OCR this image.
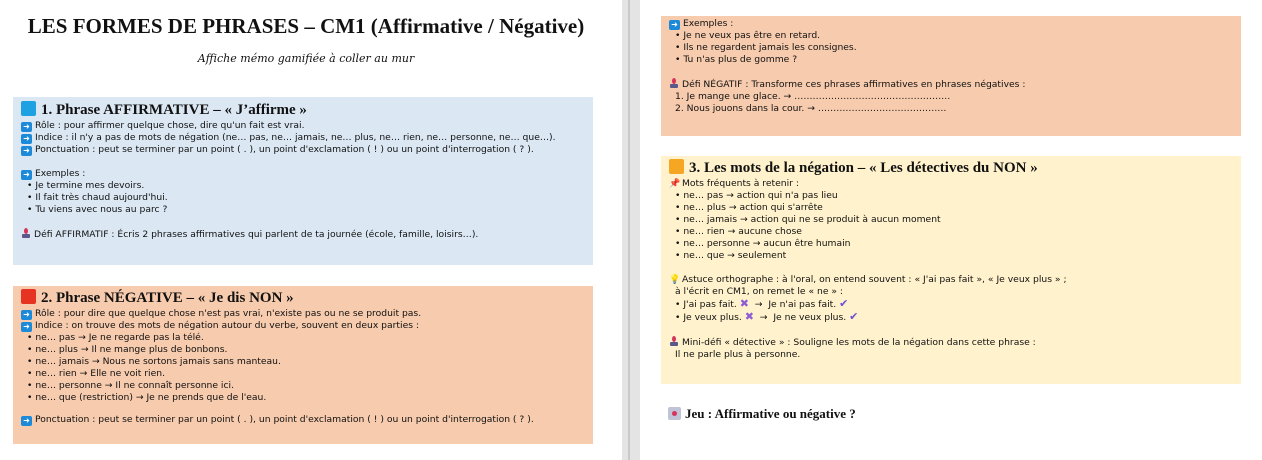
LES FORMES DE PHRASES – CM1 (Affirmative / Négative)
Affiche mémo gamifiée à coller au mur

1. Phrase AFFIRMATIVE – « J’affirme »

➜ Rôle : pour affirmer quelque chose, dire qu'un fait est vrai.

➜ Indice : il n'y a pas de mots de négation (ne… pas, ne… jamais, ne… plus, ne… rien, ne… personne, ne… que…).

➜ Ponctuation : peut se terminer par un point ( . ), un point d'exclamation ( ! ) ou un point d'interrogation ( ? ).

➜ Exemples :

• Je termine mes devoirs.

• Il fait très chaud aujourd'hui.

• Tu viens avec nous au parc ?

Défi AFFIRMATIF : Écris 2 phrases affirmatives qui parlent de ta journée (école, famille, loisirs…).

2. Phrase NÉGATIVE – « Je dis NON »

➜ Rôle : pour dire que quelque chose n'est pas vrai, n'existe pas ou ne se produit pas.

➜ Indice : on trouve des mots de négation autour du verbe, souvent en deux parties :

• ne… pas → Je ne regarde pas la télé.

• ne… plus → Il ne mange plus de bonbons.

• ne… jamais → Nous ne sortons jamais sans manteau.

• ne… rien → Elle ne voit rien.

• ne… personne → Il ne connaît personne ici.

• ne… que (restriction) → Je ne prends que de l'eau.

➜ Ponctuation : peut se terminer par un point ( . ), un point d'exclamation ( ! ) ou un point d'interrogation ( ? ).

➜ Exemples :

• Je ne veux pas être en retard.

• Ils ne regardent jamais les consignes.

• Tu n'as plus de gomme ?

Défi NÉGATIF : Transforme ces phrases affirmatives en phrases négatives :

1. Je mange une glace. → ……………………………………………

2. Nous jouons dans la cour. → ……………………………………

3. Les mots de la négation – « Les détectives du NON »

📌 Mots fréquents à retenir :

• ne… pas → action qui n'a pas lieu

• ne… plus → action qui s'arrête

• ne… jamais → action qui ne se produit à aucun moment

• ne… rien → aucune chose

• ne… personne → aucun être humain

• ne… que → seulement

💡 Astuce orthographe : à l'oral, on entend souvent : « J'ai pas fait », « Je veux plus » ;

à l'écrit en CM1, on remet le « ne » :

• J'ai pas fait. ✖ → Je n'ai pas fait. ✔

• Je veux plus. ✖ → Je ne veux plus. ✔

Mini-défi « détective » : Souligne les mots de la négation dans cette phrase :

Il ne parle plus à personne.

Jeu : Affirmative ou négative ?
